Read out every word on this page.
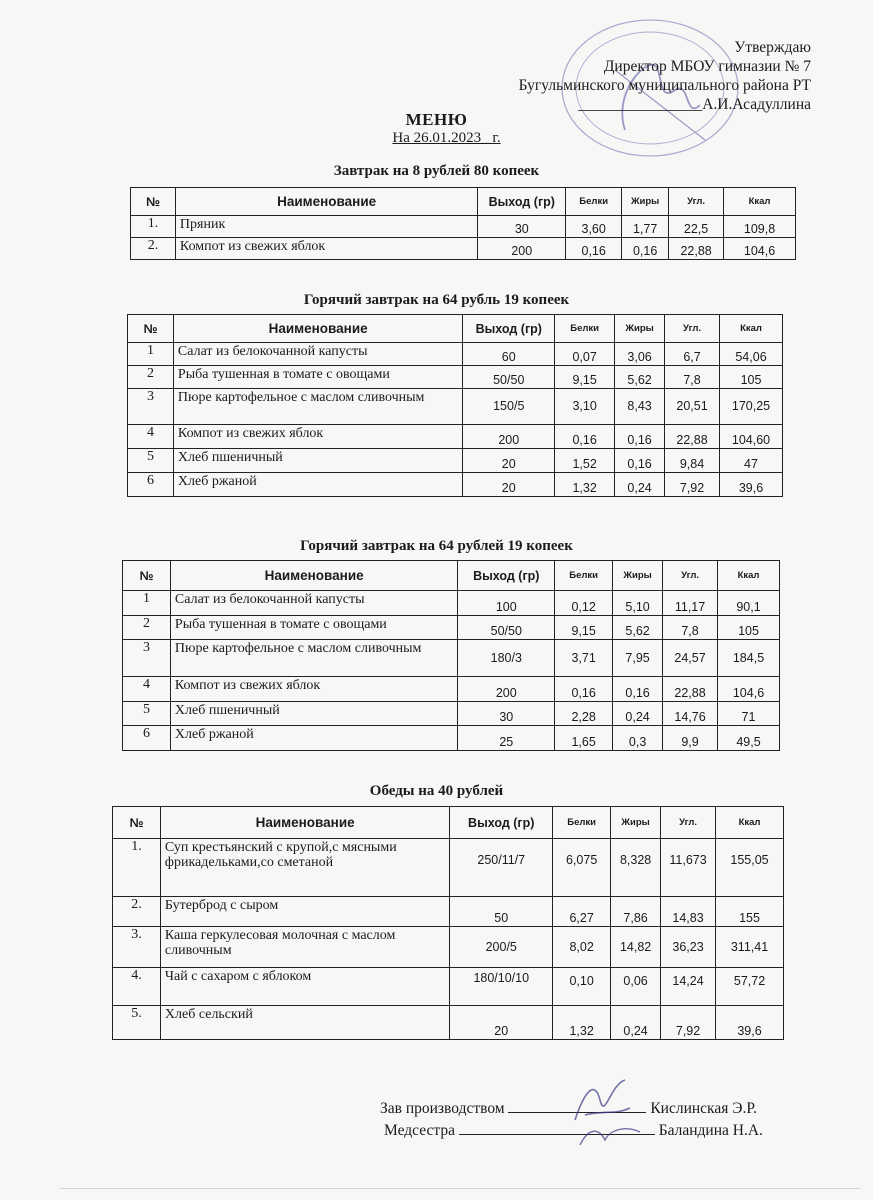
Утверждаю
Директор МБОУ гимназии № 7
Бугульминского муниципального района РТ
________________А.И.Асадуллина
МЕНЮ
На 26.01.2023_ г.
Завтрак на 8 рублей 80 копеек
№	Наименование	Выход (гр)	Белки	Жиры	Угл.	Ккал
1.	Пряник	30	3,60	1,77	22,5	109,8
2.	Компот из свежих яблок	200	0,16	0,16	22,88	104,6
Горячий завтрак на 64 рубль 19 копеек
№	Наименование	Выход (гр)	Белки	Жиры	Угл.	Ккал
1	Салат из белокочанной капусты	60	0,07	3,06	6,7	54,06
2	Рыба тушенная в томате с овощами	50/50	9,15	5,62	7,8	105
3	Пюре картофельное с маслом сливочным	150/5	3,10	8,43	20,51	170,25
4	Компот из свежих яблок	200	0,16	0,16	22,88	104,60
5	Хлеб пшеничный	20	1,52	0,16	9,84	47
6	Хлеб ржаной	20	1,32	0,24	7,92	39,6
Горячий завтрак на 64 рублей 19 копеек
№	Наименование	Выход (гр)	Белки	Жиры	Угл.	Ккал
1	Салат из белокочанной капусты	100	0,12	5,10	11,17	90,1
2	Рыба тушенная в томате с овощами	50/50	9,15	5,62	7,8	105
3	Пюре картофельное с маслом сливочным	180/3	3,71	7,95	24,57	184,5
4	Компот из свежих яблок	200	0,16	0,16	22,88	104,6
5	Хлеб пшеничный	30	2,28	0,24	14,76	71
6	Хлеб ржаной	25	1,65	0,3	9,9	49,5
Обеды на 40 рублей
№	Наименование	Выход (гр)	Белки	Жиры	Угл.	Ккал
1.	Суп крестьянский с крупой,с мясными фрикадельками,со сметаной	250/11/7	6,075	8,328	11,673	155,05
2.	Бутерброд с сыром	50	6,27	7,86	14,83	155
3.	Каша геркулесовая молочная с маслом сливочным	200/5	8,02	14,82	36,23	311,41
4.	Чай с сахаром с яблоком	180/10/10	0,10	0,06	14,24	57,72
5.	Хлеб сельский	20	1,32	0,24	7,92	39,6
Зав производством	Кислинская Э.Р.
Медсестра	Баландина Н.А.
